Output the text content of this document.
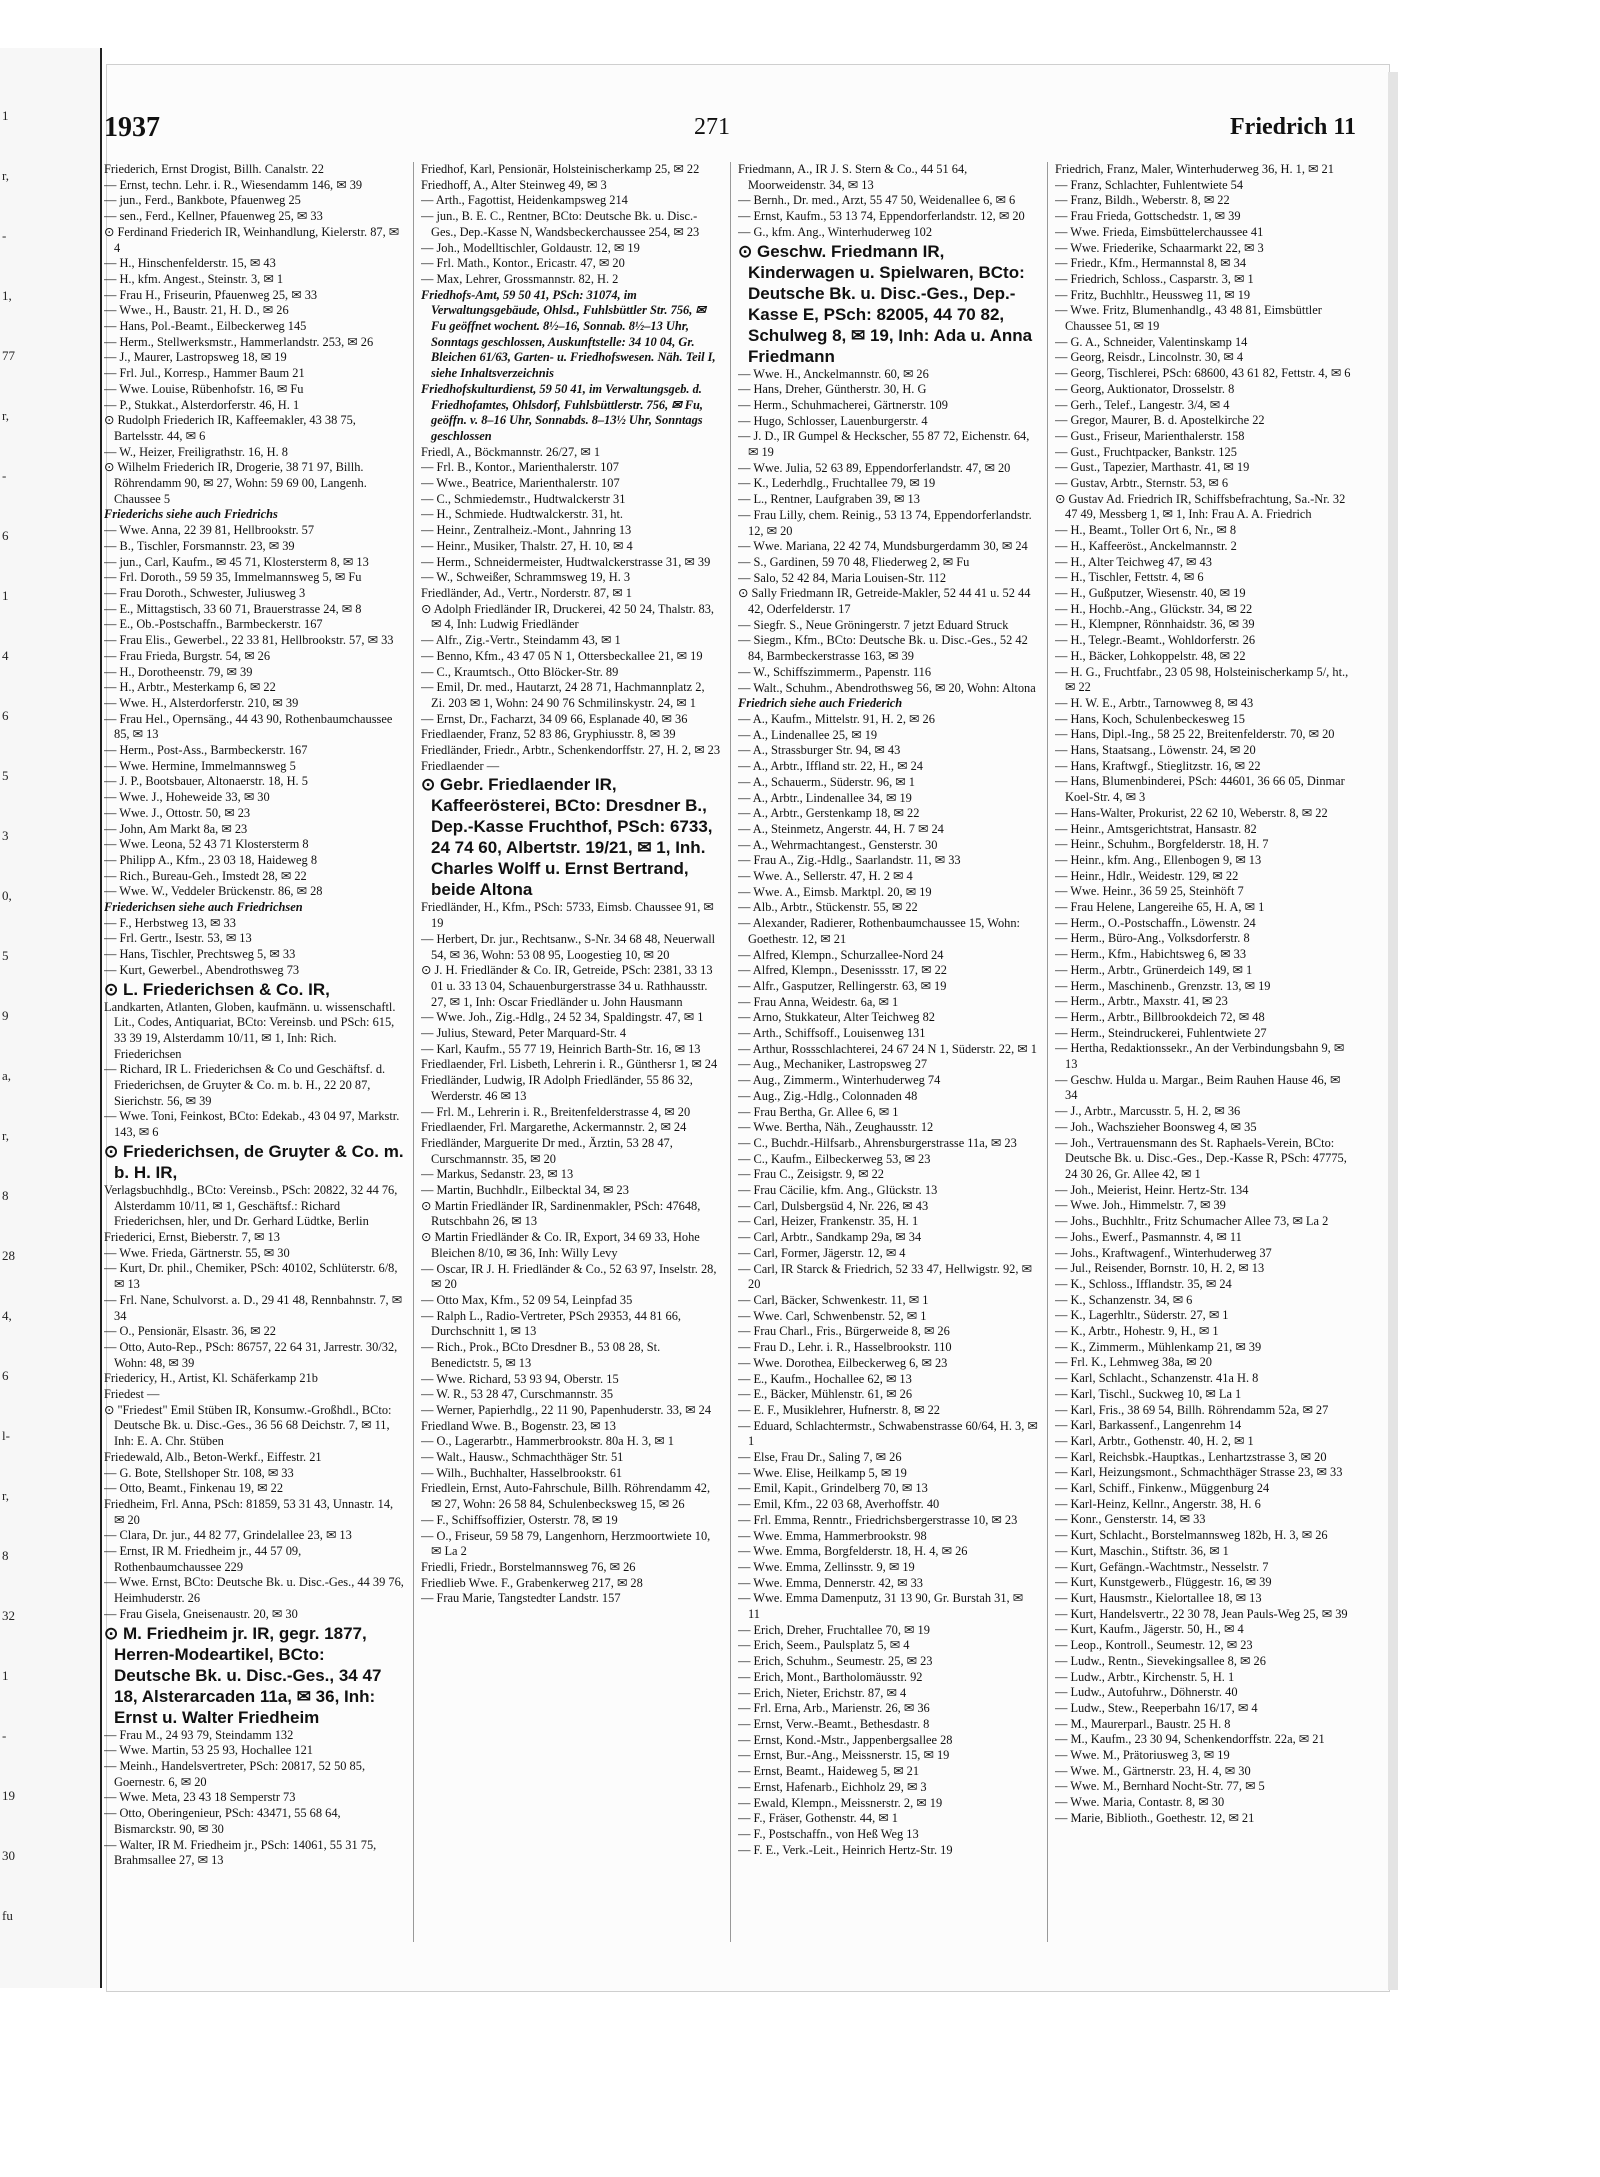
1
r,
-
1,
77
r,
-
6
1
4
6
5
3
0,
5
9
a,
r,
8
28
4,
6
l-
r,
8
32
1
-
19
30
fu
1937	271	Friedrich 11

Friederich, Ernst Drogist, Billh. Canalstr. 22

— Ernst, techn. Lehr. i. R., Wiesendamm 146, ✉ 39

— jun., Ferd., Bankbote, Pfauenweg 25

— sen., Ferd., Kellner, Pfauenweg 25, ✉ 33

⊙ Ferdinand Friederich IR, Weinhandlung, Kielerstr. 87, ✉ 4

— H., Hinschenfelderstr. 15, ✉ 43

— H., kfm. Angest., Steinstr. 3, ✉ 1

— Frau H., Friseurin, Pfauenweg 25, ✉ 33

— Wwe., H., Baustr. 21, H. D., ✉ 26

— Hans, Pol.-Beamt., Eilbeckerweg 145

— Herm., Stellwerksmstr., Hammerlandstr. 253, ✉ 26

— J., Maurer, Lastropsweg 18, ✉ 19

— Frl. Jul., Korresp., Hammer Baum 21

— Wwe. Louise, Rübenhofstr. 16, ✉ Fu

— P., Stukkat., Alsterdorferstr. 46, H. 1

⊙ Rudolph Friederich IR, Kaffeemakler, 43 38 75, Bartelsstr. 44, ✉ 6

— W., Heizer, Freiligrathstr. 16, H. 8

⊙ Wilhelm Friederich IR, Drogerie, 38 71 97, Billh. Röhrendamm 90, ✉ 27, Wohn: 59 69 00, Langenh. Chaussee 5

Friederichs siehe auch Friedrichs

— Wwe. Anna, 22 39 81, Hellbrookstr. 57

— B., Tischler, Forsmannstr. 23, ✉ 39

— jun., Carl, Kaufm., ✉ 45 71, Klostersterm 8, ✉ 13

— Frl. Doroth., 59 59 35, Immelmannsweg 5, ✉ Fu

— Frau Doroth., Schwester, Juliusweg 3

— E., Mittagstisch, 33 60 71, Brauerstrasse 24, ✉ 8

— E., Ob.-Postschaffn., Barmbeckerstr. 167

— Frau Elis., Gewerbel., 22 33 81, Hellbrookstr. 57, ✉ 33

— Frau Frieda, Burgstr. 54, ✉ 26

— H., Dorotheenstr. 79, ✉ 39

— H., Arbtr., Mesterkamp 6, ✉ 22

— Wwe. H., Alsterdorferstr. 210, ✉ 39

— Frau Hel., Opernsäng., 44 43 90, Rothenbaumchaussee 85, ✉ 13

— Herm., Post-Ass., Barmbeckerstr. 167

— Wwe. Hermine, Immelmannsweg 5

— J. P., Bootsbauer, Altonaerstr. 18, H. 5

— Wwe. J., Hoheweide 33, ✉ 30

— Wwe. J., Ottostr. 50, ✉ 23

— John, Am Markt 8a, ✉ 23

— Wwe. Leona, 52 43 71 Klostersterm 8

— Philipp A., Kfm., 23 03 18, Haideweg 8

— Rich., Bureau-Geh., Imstedt 28, ✉ 22

— Wwe. W., Veddeler Brückenstr. 86, ✉ 28

Friederichsen siehe auch Friedrichsen

— F., Herbstweg 13, ✉ 33

— Frl. Gertr., Isestr. 53, ✉ 13

— Hans, Tischler, Prechtsweg 5, ✉ 33

— Kurt, Gewerbel., Abendrothsweg 73

⊙ L. Friederichsen & Co. IR,

Landkarten, Atlanten, Globen, kaufmänn. u. wissenschaftl. Lit., Codes, Antiquariat, BCto: Vereinsb. und PSch: 615, 33 39 19, Alsterdamm 10/11, ✉ 1, Inh: Rich. Friederichsen

— Richard, IR L. Friederichsen & Co und Geschäftsf. d. Friederichsen, de Gruyter & Co. m. b. H., 22 20 87, Sierichstr. 56, ✉ 39

— Wwe. Toni, Feinkost, BCto: Edekab., 43 04 97, Markstr. 143, ✉ 6

⊙ Friederichsen, de Gruyter & Co. m. b. H. IR,

Verlagsbuchhdlg., BCto: Vereinsb., PSch: 20822, 32 44 76, Alsterdamm 10/11, ✉ 1, Geschäftsf.: Richard Friederichsen, hler, und Dr. Gerhard Lüdtke, Berlin

Friederici, Ernst, Bieberstr. 7, ✉ 13

— Wwe. Frieda, Gärtnerstr. 55, ✉ 30

— Kurt, Dr. phil., Chemiker, PSch: 40102, Schlüterstr. 6/8, ✉ 13

— Frl. Nane, Schulvorst. a. D., 29 41 48, Rennbahnstr. 7, ✉ 34

— O., Pensionär, Elsastr. 36, ✉ 22

— Otto, Auto-Rep., PSch: 86757, 22 64 31, Jarrestr. 30/32, Wohn: 48, ✉ 39

Friedericy, H., Artist, Kl. Schäferkamp 21b

Friedest —

⊙ "Friedest" Emil Stüben IR, Konsumw.-Großhdl., BCto: Deutsche Bk. u. Disc.-Ges., 36 56 68 Deichstr. 7, ✉ 11, Inh: E. A. Chr. Stüben

Friedewald, Alb., Beton-Werkf., Eiffestr. 21

— G. Bote, Stellshoper Str. 108, ✉ 33

— Otto, Beamt., Finkenau 19, ✉ 22

Friedheim, Frl. Anna, PSch: 81859, 53 31 43, Unnastr. 14, ✉ 20

— Clara, Dr. jur., 44 82 77, Grindelallee 23, ✉ 13

— Ernst, IR M. Friedheim jr., 44 57 09, Rothenbaumchaussee 229

— Wwe. Ernst, BCto: Deutsche Bk. u. Disc.-Ges., 44 39 76, Heimhuderstr. 26

— Frau Gisela, Gneisenaustr. 20, ✉ 30

⊙ M. Friedheim jr. IR, gegr. 1877, Herren-Modeartikel, BCto: Deutsche Bk. u. Disc.-Ges., 34 47 18, Alsterarcaden 11a, ✉ 36, Inh: Ernst u. Walter Friedheim

— Frau M., 24 93 79, Steindamm 132

— Wwe. Martin, 53 25 93, Hochallee 121

— Meinh., Handelsvertreter, PSch: 20817, 52 50 85, Goernestr. 6, ✉ 20

— Wwe. Meta, 23 43 18 Semperstr 73

— Otto, Oberingenieur, PSch: 43471, 55 68 64, Bismarckstr. 90, ✉ 30

— Walter, IR M. Friedheim jr., PSch: 14061, 55 31 75, Brahmsallee 27, ✉ 13

Friedhof, Karl, Pensionär, Holsteinischerkamp 25, ✉ 22

Friedhoff, A., Alter Steinweg 49, ✉ 3

— Arth., Fagottist, Heidenkampsweg 214

— jun., B. E. C., Rentner, BCto: Deutsche Bk. u. Disc.-Ges., Dep.-Kasse N, Wandsbeckerchaussee 254, ✉ 23

— Joh., Modelltischler, Goldaustr. 12, ✉ 19

— Frl. Math., Kontor., Ericastr. 47, ✉ 20

— Max, Lehrer, Grossmannstr. 82, H. 2

Friedhofs-Amt, 59 50 41, PSch: 31074, im Verwaltungsgebäude, Ohlsd., Fuhlsbüttler Str. 756, ✉ Fu geöffnet wochent. 8½–16, Sonnab. 8½–13 Uhr, Sonntags geschlossen, Auskunftstelle: 34 10 04, Gr. Bleichen 61/63, Garten- u. Friedhofswesen. Näh. Teil I, siehe Inhaltsverzeichnis

Friedhofskulturdienst, 59 50 41, im Verwaltungsgeb. d. Friedhofamtes, Ohlsdorf, Fuhlsbüttlerstr. 756, ✉ Fu, geöffn. v. 8–16 Uhr, Sonnabds. 8–13½ Uhr, Sonntags geschlossen

Friedl, A., Böckmannstr. 26/27, ✉ 1

— Frl. B., Kontor., Marienthalerstr. 107

— Wwe., Beatrice, Marienthalerstr. 107

— C., Schmiedemstr., Hudtwalckerstr 31

— H., Schmiede. Hudtwalckerstr. 31, ht.

— Heinr., Zentralheiz.-Mont., Jahnring 13

— Heinr., Musiker, Thalstr. 27, H. 10, ✉ 4

— Herm., Schneidermeister, Hudtwalckerstrasse 31, ✉ 39

— W., Schweißer, Schrammsweg 19, H. 3

Friedländer, Ad., Vertr., Norderstr. 87, ✉ 1

⊙ Adolph Friedländer IR, Druckerei, 42 50 24, Thalstr. 83, ✉ 4, Inh: Ludwig Friedländer

— Alfr., Zig.-Vertr., Steindamm 43, ✉ 1

— Benno, Kfm., 43 47 05 N 1, Ottersbeckallee 21, ✉ 19

— C., Kraumtsch., Otto Blöcker-Str. 89

— Emil, Dr. med., Hautarzt, 24 28 71, Hachmannplatz 2, Zi. 203 ✉ 1, Wohn: 24 90 76 Schmilinskystr. 24, ✉ 1

— Ernst, Dr., Facharzt, 34 09 66, Esplanade 40, ✉ 36

Friedlaender, Franz, 52 83 86, Gryphiusstr. 8, ✉ 39

Friedländer, Friedr., Arbtr., Schenkendorffstr. 27, H. 2, ✉ 23

Friedlaender —

⊙ Gebr. Friedlaender IR, Kaffeerösterei, BCto: Dresdner B., Dep.-Kasse Fruchthof, PSch: 6733, 24 74 60, Albertstr. 19/21, ✉ 1, Inh. Charles Wolff u. Ernst Bertrand, beide Altona

Friedländer, H., Kfm., PSch: 5733, Eimsb. Chaussee 91, ✉ 19

— Herbert, Dr. jur., Rechtsanw., S-Nr. 34 68 48, Neuerwall 54, ✉ 36, Wohn: 53 08 95, Loogestieg 10, ✉ 20

⊙ J. H. Friedländer & Co. IR, Getreide, PSch: 2381, 33 13 01 u. 33 13 04, Schauenburgerstrasse 34 u. Rathhausstr. 27, ✉ 1, Inh: Oscar Friedländer u. John Hausmann

— Wwe. Joh., Zig.-Hdlg., 24 52 34, Spaldingstr. 47, ✉ 1

— Julius, Steward, Peter Marquard-Str. 4

— Karl, Kaufm., 55 77 19, Heinrich Barth-Str. 16, ✉ 13

Friedlaender, Frl. Lisbeth, Lehrerin i. R., Günthersr 1, ✉ 24

Friedländer, Ludwig, IR Adolph Friedländer, 55 86 32, Werderstr. 46 ✉ 13

— Frl. M., Lehrerin i. R., Breitenfelderstrasse 4, ✉ 20

Friedlaender, Frl. Margarethe, Ackermannstr. 2, ✉ 24

Friedländer, Marguerite Dr med., Ärztin, 53 28 47, Curschmannstr. 35, ✉ 20

— Markus, Sedanstr. 23, ✉ 13

— Martin, Buchhdlr., Eilbecktal 34, ✉ 23

⊙ Martin Friedländer IR, Sardinenmakler, PSch: 47648, Rutschbahn 26, ✉ 13

⊙ Martin Friedländer & Co. IR, Export, 34 69 33, Hohe Bleichen 8/10, ✉ 36, Inh: Willy Levy

— Oscar, IR J. H. Friedländer & Co., 52 63 97, Inselstr. 28, ✉ 20

— Otto Max, Kfm., 52 09 54, Leinpfad 35

— Ralph L., Radio-Vertreter, PSch 29353, 44 81 66, Durchschnitt 1, ✉ 13

— Rich., Prok., BCto Dresdner B., 53 08 28, St. Benedictstr. 5, ✉ 13

— Wwe. Richard, 53 93 94, Oberstr. 15

— W. R., 53 28 47, Curschmannstr. 35

— Werner, Papierhdlg., 22 11 90, Papenhuderstr. 33, ✉ 24

Friedland Wwe. B., Bogenstr. 23, ✉ 13

— O., Lagerarbtr., Hammerbrookstr. 80a H. 3, ✉ 1

— Walt., Hausw., Schmachthäger Str. 51

— Wilh., Buchhalter, Hasselbrookstr. 61

Friedlein, Ernst, Auto-Fahrschule, Billh. Röhrendamm 42, ✉ 27, Wohn: 26 58 84, Schulenbecksweg 15, ✉ 26

— F., Schiffsoffizier, Osterstr. 78, ✉ 19

— O., Friseur, 59 58 79, Langenhorn, Herzmoortwiete 10, ✉ La 2

Friedli, Friedr., Borstelmannsweg 76, ✉ 26

Friedlieb Wwe. F., Grabenkerweg 217, ✉ 28

— Frau Marie, Tangstedter Landstr. 157

Friedmann, A., IR J. S. Stern & Co., 44 51 64, Moorweidenstr. 34, ✉ 13

— Bernh., Dr. med., Arzt, 55 47 50, Weidenallee 6, ✉ 6

— Ernst, Kaufm., 53 13 74, Eppendorferlandstr. 12, ✉ 20

— G., kfm. Ang., Winterhuderweg 102

⊙ Geschw. Friedmann IR, Kinderwagen u. Spielwaren, BCto: Deutsche Bk. u. Disc.-Ges., Dep.-Kasse E, PSch: 82005, 44 70 82, Schulweg 8, ✉ 19, Inh: Ada u. Anna Friedmann

— Wwe. H., Anckelmannstr. 60, ✉ 26

— Hans, Dreher, Güntherstr. 30, H. G

— Herm., Schuhmacherei, Gärtnerstr. 109

— Hugo, Schlosser, Lauenburgerstr. 4

— J. D., IR Gumpel & Heckscher, 55 87 72, Eichenstr. 64, ✉ 19

— Wwe. Julia, 52 63 89, Eppendorferlandstr. 47, ✉ 20

— K., Lederhdlg., Fruchtallee 79, ✉ 19

— L., Rentner, Laufgraben 39, ✉ 13

— Frau Lilly, chem. Reinig., 53 13 74, Eppendorferlandstr. 12, ✉ 20

— Wwe. Mariana, 22 42 74, Mundsburgerdamm 30, ✉ 24

— S., Gardinen, 59 70 48, Fliederweg 2, ✉ Fu

— Salo, 52 42 84, Maria Louisen-Str. 112

⊙ Sally Friedmann IR, Getreide-Makler, 52 44 41 u. 52 44 42, Oderfelderstr. 17

— Siegfr. S., Neue Gröningerstr. 7 jetzt Eduard Struck

— Siegm., Kfm., BCto: Deutsche Bk. u. Disc.-Ges., 52 42 84, Barmbeckerstrasse 163, ✉ 39

— W., Schiffszimmerm., Papenstr. 116

— Walt., Schuhm., Abendrothsweg 56, ✉ 20, Wohn: Altona

Friedrich siehe auch Friederich

— A., Kaufm., Mittelstr. 91, H. 2, ✉ 26

— A., Lindenallee 25, ✉ 19

— A., Strassburger Str. 94, ✉ 43

— A., Arbtr., Iffland str. 22, H., ✉ 24

— A., Schauerm., Süderstr. 96, ✉ 1

— A., Arbtr., Lindenallee 34, ✉ 19

— A., Arbtr., Gerstenkamp 18, ✉ 22

— A., Steinmetz, Angerstr. 44, H. 7 ✉ 24

— A., Wehrmachtangest., Gensterstr. 30

— Frau A., Zig.-Hdlg., Saarlandstr. 11, ✉ 33

— Wwe. A., Sellerstr. 47, H. 2 ✉ 4

— Wwe. A., Eimsb. Marktpl. 20, ✉ 19

— Alb., Arbtr., Stückenstr. 55, ✉ 22

— Alexander, Radierer, Rothenbaumchaussee 15, Wohn: Goethestr. 12, ✉ 21

— Alfred, Klempn., Schurzallee-Nord 24

— Alfred, Klempn., Desenissstr. 17, ✉ 22

— Alfr., Gasputzer, Rellingerstr. 63, ✉ 19

— Frau Anna, Weidestr. 6a, ✉ 1

— Arno, Stukkateur, Alter Teichweg 82

— Arth., Schiffsoff., Louisenweg 131

— Arthur, Rossschlachterei, 24 67 24 N 1, Süderstr. 22, ✉ 1

— Aug., Mechaniker, Lastropsweg 27

— Aug., Zimmerm., Winterhuderweg 74

— Aug., Zig.-Hdlg., Colonnaden 48

— Frau Bertha, Gr. Allee 6, ✉ 1

— Wwe. Bertha, Näh., Zeughausstr. 12

— C., Buchdr.-Hilfsarb., Ahrensburgerstrasse 11a, ✉ 23

— C., Kaufm., Eilbeckerweg 53, ✉ 23

— Frau C., Zeisigstr. 9, ✉ 22

— Frau Cäcilie, kfm. Ang., Glückstr. 13

— Carl, Dulsbergsüd 4, Nr. 226, ✉ 43

— Carl, Heizer, Frankenstr. 35, H. 1

— Carl, Arbtr., Sandkamp 29a, ✉ 34

— Carl, Former, Jägerstr. 12, ✉ 4

— Carl, IR Starck & Friedrich, 52 33 47, Hellwigstr. 92, ✉ 20

— Carl, Bäcker, Schwenkestr. 11, ✉ 1

— Wwe. Carl, Schwenbenstr. 52, ✉ 1

— Frau Charl., Fris., Bürgerweide 8, ✉ 26

— Frau D., Lehr. i. R., Hasselbrookstr. 110

— Wwe. Dorothea, Eilbeckerweg 6, ✉ 23

— E., Kaufm., Hochallee 62, ✉ 13

— E., Bäcker, Mühlenstr. 61, ✉ 26

— E. F., Musiklehrer, Hufnerstr. 8, ✉ 22

— Eduard, Schlachtermstr., Schwabenstrasse 60/64, H. 3, ✉ 1

— Else, Frau Dr., Saling 7, ✉ 26

— Wwe. Elise, Heilkamp 5, ✉ 19

— Emil, Kapit., Grindelberg 70, ✉ 13

— Emil, Kfm., 22 03 68, Averhoffstr. 40

— Frl. Emma, Renntr., Friedrichsbergerstrasse 10, ✉ 23

— Wwe. Emma, Hammerbrookstr. 98

— Wwe. Emma, Borgfelderstr. 18, H. 4, ✉ 26

— Wwe. Emma, Zellinsstr. 9, ✉ 19

— Wwe. Emma, Dennerstr. 42, ✉ 33

— Wwe. Emma Damenputz, 31 13 90, Gr. Burstah 31, ✉ 11

— Erich, Dreher, Fruchtallee 70, ✉ 19

— Erich, Seem., Paulsplatz 5, ✉ 4

— Erich, Schuhm., Seumestr. 25, ✉ 23

— Erich, Mont., Bartholomäusstr. 92

— Erich, Nieter, Erichstr. 87, ✉ 4

— Frl. Erna, Arb., Marienstr. 26, ✉ 36

— Ernst, Verw.-Beamt., Bethesdastr. 8

— Ernst, Kond.-Mstr., Jappenbergsallee 28

— Ernst, Bur.-Ang., Meissnerstr. 15, ✉ 19

— Ernst, Beamt., Haideweg 5, ✉ 21

— Ernst, Hafenarb., Eichholz 29, ✉ 3

— Ewald, Klempn., Meissnerstr. 2, ✉ 19

— F., Fräser, Gothenstr. 44, ✉ 1

— F., Postschaffn., von Heß Weg 13

— F. E., Verk.-Leit., Heinrich Hertz-Str. 19

Friedrich, Franz, Maler, Winterhuderweg 36, H. 1, ✉ 21

— Franz, Schlachter, Fuhlentwiete 54

— Franz, Bildh., Weberstr. 8, ✉ 22

— Frau Frieda, Gottschedstr. 1, ✉ 39

— Wwe. Frieda, Eimsbüttelerchaussee 41

— Wwe. Friederike, Schaarmarkt 22, ✉ 3

— Friedr., Kfm., Hermannstal 8, ✉ 34

— Friedrich, Schloss., Casparstr. 3, ✉ 1

— Fritz, Buchhltr., Heussweg 11, ✉ 19

— Wwe. Fritz, Blumenhandlg., 43 48 81, Eimsbüttler Chaussee 51, ✉ 19

— G. A., Schneider, Valentinskamp 14

— Georg, Reisdr., Lincolnstr. 30, ✉ 4

— Georg, Tischlerei, PSch: 68600, 43 61 82, Fettstr. 4, ✉ 6

— Georg, Auktionator, Drosselstr. 8

— Gerh., Telef., Langestr. 3/4, ✉ 4

— Gregor, Maurer, B. d. Apostelkirche 22

— Gust., Friseur, Marienthalerstr. 158

— Gust., Fruchtpacker, Bankstr. 125

— Gust., Tapezier, Marthastr. 41, ✉ 19

— Gustav, Arbtr., Sternstr. 53, ✉ 6

⊙ Gustav Ad. Friedrich IR, Schiffsbefrachtung, Sa.-Nr. 32 47 49, Messberg 1, ✉ 1, Inh: Frau A. A. Friedrich

— H., Beamt., Toller Ort 6, Nr., ✉ 8

— H., Kaffeeröst., Anckelmannstr. 2

— H., Alter Teichweg 47, ✉ 43

— H., Tischler, Fettstr. 4, ✉ 6

— H., Gußputzer, Wiesenstr. 40, ✉ 19

— H., Hochb.-Ang., Glückstr. 34, ✉ 22

— H., Klempner, Rönnhaidstr. 36, ✉ 39

— H., Telegr.-Beamt., Wohldorferstr. 26

— H., Bäcker, Lohkoppelstr. 48, ✉ 22

— H. G., Fruchtfabr., 23 05 98, Holsteinischerkamp 5/, ht., ✉ 22

— H. W. E., Arbtr., Tarnowweg 8, ✉ 43

— Hans, Koch, Schulenbeckesweg 15

— Hans, Dipl.-Ing., 58 25 22, Breitenfelderstr. 70, ✉ 20

— Hans, Staatsang., Löwenstr. 24, ✉ 20

— Hans, Kraftwgf., Stieglitzstr. 16, ✉ 22

— Hans, Blumenbinderei, PSch: 44601, 36 66 05, Dinmar Koel-Str. 4, ✉ 3

— Hans-Walter, Prokurist, 22 62 10, Weberstr. 8, ✉ 22

— Heinr., Amtsgerichtstrat, Hansastr. 82

— Heinr., Schuhm., Borgfelderstr. 18, H. 7

— Heinr., kfm. Ang., Ellenbogen 9, ✉ 13

— Heinr., Hdlr., Weidestr. 129, ✉ 22

— Wwe. Heinr., 36 59 25, Steinhöft 7

— Frau Helene, Langereihe 65, H. A, ✉ 1

— Herm., O.-Postschaffn., Löwenstr. 24

— Herm., Büro-Ang., Volksdorferstr. 8

— Herm., Kfm., Habichtsweg 6, ✉ 33

— Herm., Arbtr., Grünerdeich 149, ✉ 1

— Herm., Maschinenb., Grenzstr. 13, ✉ 19

— Herm., Arbtr., Maxstr. 41, ✉ 23

— Herm., Arbtr., Billbrookdeich 72, ✉ 48

— Herm., Steindruckerei, Fuhlentwiete 27

— Hertha, Redaktionssekr., An der Verbindungsbahn 9, ✉ 13

— Geschw. Hulda u. Margar., Beim Rauhen Hause 46, ✉ 34

— J., Arbtr., Marcusstr. 5, H. 2, ✉ 36

— Joh., Wachszieher Boonsweg 4, ✉ 35

— Joh., Vertrauensmann des St. Raphaels-Verein, BCto: Deutsche Bk. u. Disc.-Ges., Dep.-Kasse R, PSch: 47775, 24 30 26, Gr. Allee 42, ✉ 1

— Joh., Meierist, Heinr. Hertz-Str. 134

— Wwe. Joh., Himmelstr. 7, ✉ 39

— Johs., Buchhltr., Fritz Schumacher Allee 73, ✉ La 2

— Johs., Ewerf., Pasmannstr. 4, ✉ 11

— Johs., Kraftwagenf., Winterhuderweg 37

— Jul., Reisender, Bornstr. 10, H. 2, ✉ 13

— K., Schloss., Ifflandstr. 35, ✉ 24

— K., Schanzenstr. 34, ✉ 6

— K., Lagerhltr., Süderstr. 27, ✉ 1

— K., Arbtr., Hohestr. 9, H., ✉ 1

— K., Zimmerm., Mühlenkamp 21, ✉ 39

— Frl. K., Lehmweg 38a, ✉ 20

— Karl, Schlacht., Schanzenstr. 41a H. 8

— Karl, Tischl., Suckweg 10, ✉ La 1

— Karl, Fris., 38 69 54, Billh. Röhrendamm 52a, ✉ 27

— Karl, Barkassenf., Langenrehm 14

— Karl, Arbtr., Gothenstr. 40, H. 2, ✉ 1

— Karl, Reichsbk.-Hauptkas., Lenhartzstrasse 3, ✉ 20

— Karl, Heizungsmont., Schmachthäger Strasse 23, ✉ 33

— Karl, Schiff., Finkenw., Müggenburg 24

— Karl-Heinz, Kellnr., Angerstr. 38, H. 6

— Konr., Gensterstr. 14, ✉ 33

— Kurt, Schlacht., Borstelmannsweg 182b, H. 3, ✉ 26

— Kurt, Maschin., Stiftstr. 36, ✉ 1

— Kurt, Gefängn.-Wachtmstr., Nesselstr. 7

— Kurt, Kunstgewerb., Flüggestr. 16, ✉ 39

— Kurt, Hausmstr., Kielortallee 18, ✉ 13

— Kurt, Handelsvertr., 22 30 78, Jean Pauls-Weg 25, ✉ 39

— Kurt, Kaufm., Jägerstr. 50, H., ✉ 4

— Leop., Kontroll., Seumestr. 12, ✉ 23

— Ludw., Rentn., Sievekingsallee 8, ✉ 26

— Ludw., Arbtr., Kirchenstr. 5, H. 1

— Ludw., Autofuhrw., Döhnerstr. 40

— Ludw., Stew., Reeperbahn 16/17, ✉ 4

— M., Maurerparl., Baustr. 25 H. 8

— M., Kaufm., 23 30 94, Schenkendorffstr. 22a, ✉ 21

— Wwe. M., Prätoriusweg 3, ✉ 19

— Wwe. M., Gärtnerstr. 23, H. 4, ✉ 30

— Wwe. M., Bernhard Nocht-Str. 77, ✉ 5

— Wwe. Maria, Contastr. 8, ✉ 30

— Marie, Biblioth., Goethestr. 12, ✉ 21
